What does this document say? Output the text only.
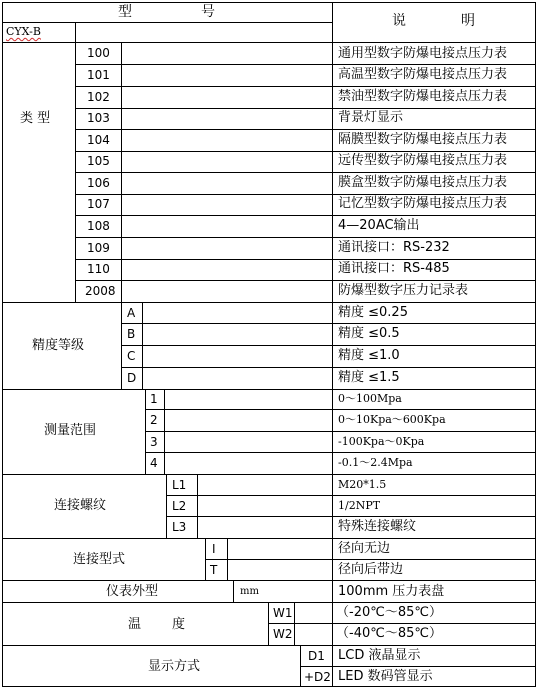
型	号
说	明
CYX-B
类 型
100	通用型数字防爆电接点压力表
101	高温型数字防爆电接点压力表
102	禁油型数字防爆电接点压力表
103	背景灯显示
104	隔膜型数字防爆电接点压力表
105	远传型数字防爆电接点压力表
106	膜盒型数字防爆电接点压力表
107	记忆型数字防爆电接点压力表
108	4—20AC输出
109	通讯接口：RS-232
110	通讯接口：RS-485
2008	防爆型数字压力记录表
精度等级
A	精度 ≤0.25
B	精度 ≤0.5
C	精度 ≤1.0
D	精度 ≤1.5
测量范围
1	0～100Mpa
2	0～10Kpa～600Kpa
3	-100Kpa～0Kpa
4	-0.1～2.4Mpa
连接螺纹
L1	M20*1.5
L2	1/2NPT
L3	特殊连接螺纹
连接型式
I	径向无边
T	径向后带边
仪表外型	mm	100mm 压力表盘
温 度
W1	（-20℃～85℃）
W2	（-40℃～85℃）
显示方式
D1 LCD 液晶显示
+D2 LED 数码管显示
